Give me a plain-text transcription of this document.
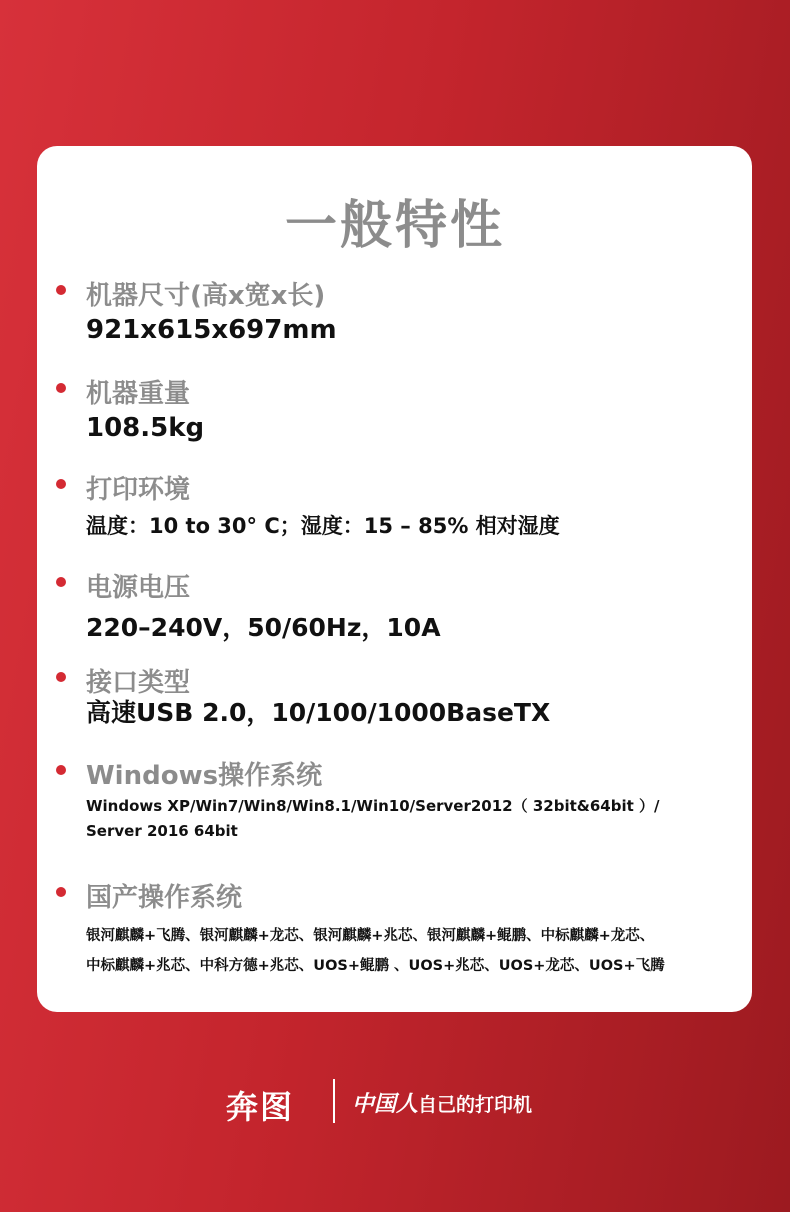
一般特性
机器尺寸(高x宽x长)
921x615x697mm
机器重量
108.5kg
打印环境
温度：10 to 30° C；湿度：15 – 85% 相对湿度
电源电压
220–240V，50/60Hz，10A
接口类型
高速USB 2.0，10/100/1000BaseTX
Windows操作系统
Windows XP/Win7/Win8/Win8.1/Win10/Server2012（ 32bit&64bit ）/
Server 2016 64bit
国产操作系统
银河麒麟+飞腾、银河麒麟+龙芯、银河麒麟+兆芯、银河麒麟+鲲鹏、中标麒麟+龙芯、
中标麒麟+兆芯、中科方德+兆芯、UOS+鲲鹏 、UOS+兆芯、UOS+龙芯、UOS+飞腾
奔图	中国人自己的打印机
